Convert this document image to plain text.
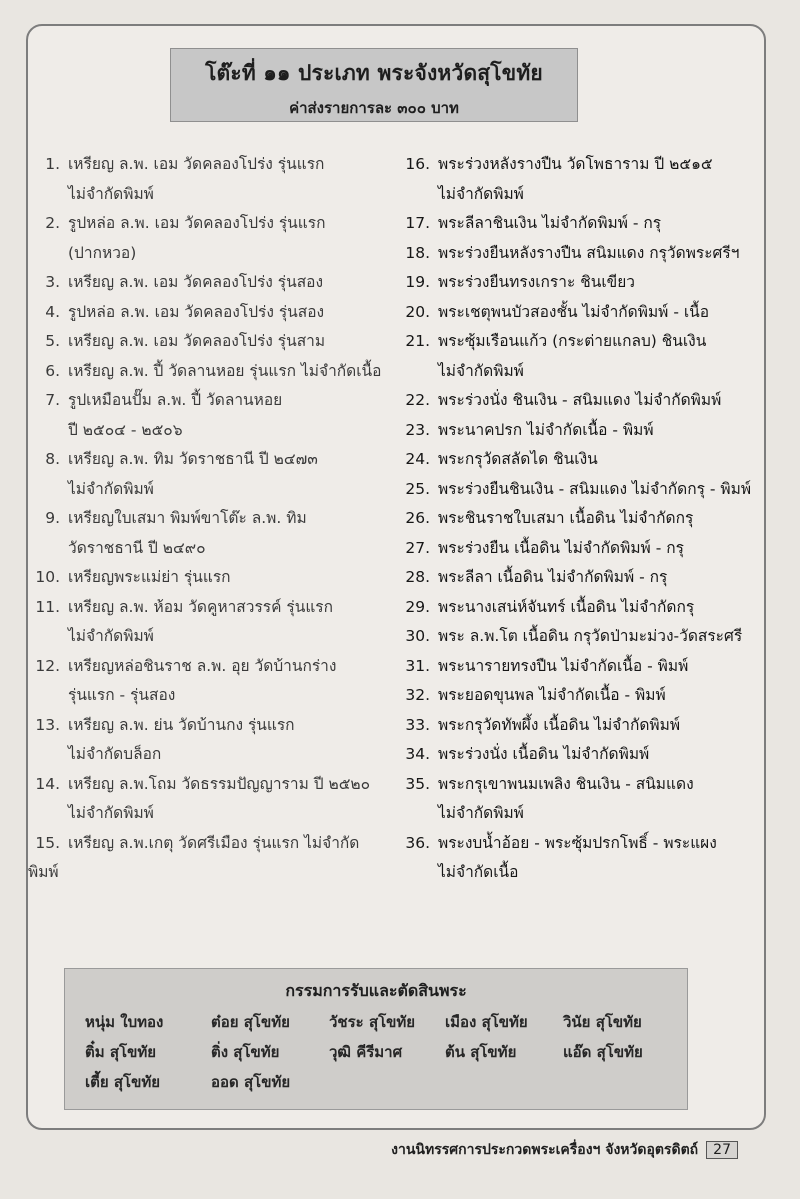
โต๊ะที่ ๑๑ ประเภท พระจังหวัดสุโขทัย
ค่าส่งรายการละ ๓๐๐ บาท
1. เหรียญ ล.พ. เอม วัดคลองโปร่ง รุ่นแรก
ไม่จำกัดพิมพ์
2. รูปหล่อ ล.พ. เอม วัดคลองโปร่ง รุ่นแรก
(ปากหวอ)
3. เหรียญ ล.พ. เอม วัดคลองโปร่ง รุ่นสอง
4. รูปหล่อ ล.พ. เอม วัดคลองโปร่ง รุ่นสอง
5. เหรียญ ล.พ. เอม วัดคลองโปร่ง รุ่นสาม
6. เหรียญ ล.พ. ปี้ วัดลานหอย รุ่นแรก ไม่จำกัดเนื้อ
7. รูปเหมือนปั๊ม ล.พ. ปี้ วัดลานหอย
ปี ๒๕๐๔ - ๒๕๐๖
8. เหรียญ ล.พ. ทิม วัดราชธานี ปี ๒๔๗๓
ไม่จำกัดพิมพ์
9. เหรียญใบเสมา พิมพ์ขาโต๊ะ ล.พ. ทิม
วัดราชธานี ปี ๒๔๙๐
10. เหรียญพระแม่ย่า รุ่นแรก
11. เหรียญ ล.พ. ห้อม วัดคูหาสวรรค์ รุ่นแรก
ไม่จำกัดพิมพ์
12. เหรียญหล่อชินราช ล.พ. อุย วัดบ้านกร่าง
รุ่นแรก - รุ่นสอง
13. เหรียญ ล.พ. ย่น วัดบ้านกง รุ่นแรก
ไม่จำกัดบล็อก
14. เหรียญ ล.พ.โถม วัดธรรมปัญญาราม ปี ๒๕๒๐
ไม่จำกัดพิมพ์
15. เหรียญ ล.พ.เกตุ วัดศรีเมือง รุ่นแรก ไม่จำกัดพิมพ์
16. พระร่วงหลังรางปืน วัดโพธาราม ปี ๒๕๑๕
ไม่จำกัดพิมพ์
17. พระลีลาชินเงิน ไม่จำกัดพิมพ์ - กรุ
18. พระร่วงยืนหลังรางปืน สนิมแดง กรุวัดพระศรีฯ
19. พระร่วงยืนทรงเกราะ ชินเขียว
20. พระเชตุพนบัวสองชั้น ไม่จำกัดพิมพ์ - เนื้อ
21. พระซุ้มเรือนแก้ว (กระต่ายแกลบ) ชินเงิน
ไม่จำกัดพิมพ์
22. พระร่วงนั่ง ชินเงิน - สนิมแดง ไม่จำกัดพิมพ์
23. พระนาคปรก ไม่จำกัดเนื้อ - พิมพ์
24. พระกรุวัดสลัดได ชินเงิน
25. พระร่วงยืนชินเงิน - สนิมแดง ไม่จำกัดกรุ - พิมพ์
26. พระชินราชใบเสมา เนื้อดิน ไม่จำกัดกรุ
27. พระร่วงยืน เนื้อดิน ไม่จำกัดพิมพ์ - กรุ
28. พระลีลา เนื้อดิน ไม่จำกัดพิมพ์ - กรุ
29. พระนางเสน่ห์จันทร์ เนื้อดิน ไม่จำกัดกรุ
30. พระ ล.พ.โต เนื้อดิน กรุวัดป่ามะม่วง-วัดสระศรี
31. พระนารายทรงปืน ไม่จำกัดเนื้อ - พิมพ์
32. พระยอดขุนพล ไม่จำกัดเนื้อ - พิมพ์
33. พระกรุวัดทัพผึ้ง เนื้อดิน ไม่จำกัดพิมพ์
34. พระร่วงนั่ง เนื้อดิน ไม่จำกัดพิมพ์
35. พระกรุเขาพนมเพลิง ชินเงิน - สนิมแดง
ไม่จำกัดพิมพ์
36. พระงบน้ำอ้อย - พระซุ้มปรกโพธิ์ - พระแผง
ไม่จำกัดเนื้อ
กรรมการรับและตัดสินพระ
หนุ่ม ใบทอง	ต๋อย สุโขทัย	วัชระ สุโขทัย	เมือง สุโขทัย	วินัย สุโขทัย
ติ๋ม สุโขทัย	ติ่ง สุโขทัย	วุฒิ คีรีมาศ	ต้น สุโขทัย	แอ๊ด สุโขทัย
เตี้ย สุโขทัย	ออด สุโขทัย
งานนิทรรศการประกวดพระเครื่องฯ จังหวัดอุตรดิตถ์	27
